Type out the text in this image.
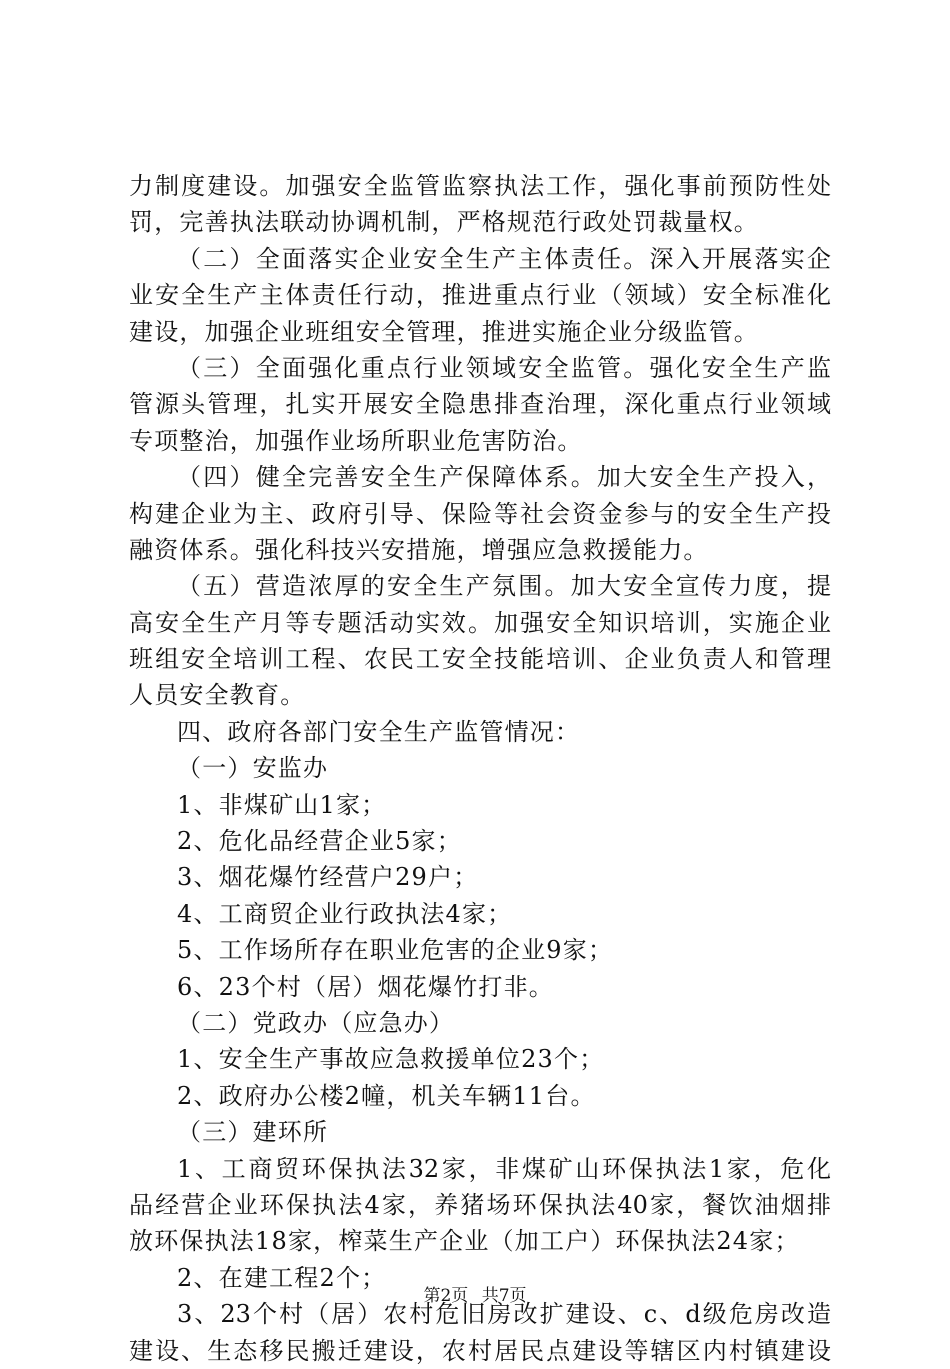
力制度建设。加强安全监管监察执法工作，强化事前预防性处
罚，完善执法联动协调机制，严格规范行政处罚裁量权。
（二）全面落实企业安全生产主体责任。深入开展落实企
业安全生产主体责任行动，推进重点行业（领域）安全标准化
建设，加强企业班组安全管理，推进实施企业分级监管。
（三）全面强化重点行业领域安全监管。强化安全生产监
管源头管理，扎实开展安全隐患排查治理，深化重点行业领域
专项整治，加强作业场所职业危害防治。
（四）健全完善安全生产保障体系。加大安全生产投入，
构建企业为主、政府引导、保险等社会资金参与的安全生产投
融资体系。强化科技兴安措施，增强应急救援能力。
（五）营造浓厚的安全生产氛围。加大安全宣传力度，提
高安全生产月等专题活动实效。加强安全知识培训，实施企业
班组安全培训工程、农民工安全技能培训、企业负责人和管理
人员安全教育。
四、政府各部门安全生产监管情况：
（一）安监办
1、非煤矿山1家；
2、危化品经营企业5家；
3、烟花爆竹经营户29户；
4、工商贸企业行政执法4家；
5、工作场所存在职业危害的企业9家；
6、23个村（居）烟花爆竹打非。
（二）党政办（应急办）
1、安全生产事故应急救援单位23个；
2、政府办公楼2幢，机关车辆11台。
（三）建环所
1、工商贸环保执法32家，非煤矿山环保执法1家，危化
品经营企业环保执法4家，养猪场环保执法40家，餐饮油烟排
放环保执法18家，榨菜生产企业（加工户）环保执法24家；
2、在建工程2个；
3、23个村（居）农村危旧房改扩建设、c、d级危房改造
建设、生态移民搬迁建设，农村居民点建设等辖区内村镇建设
第2页 共7页
